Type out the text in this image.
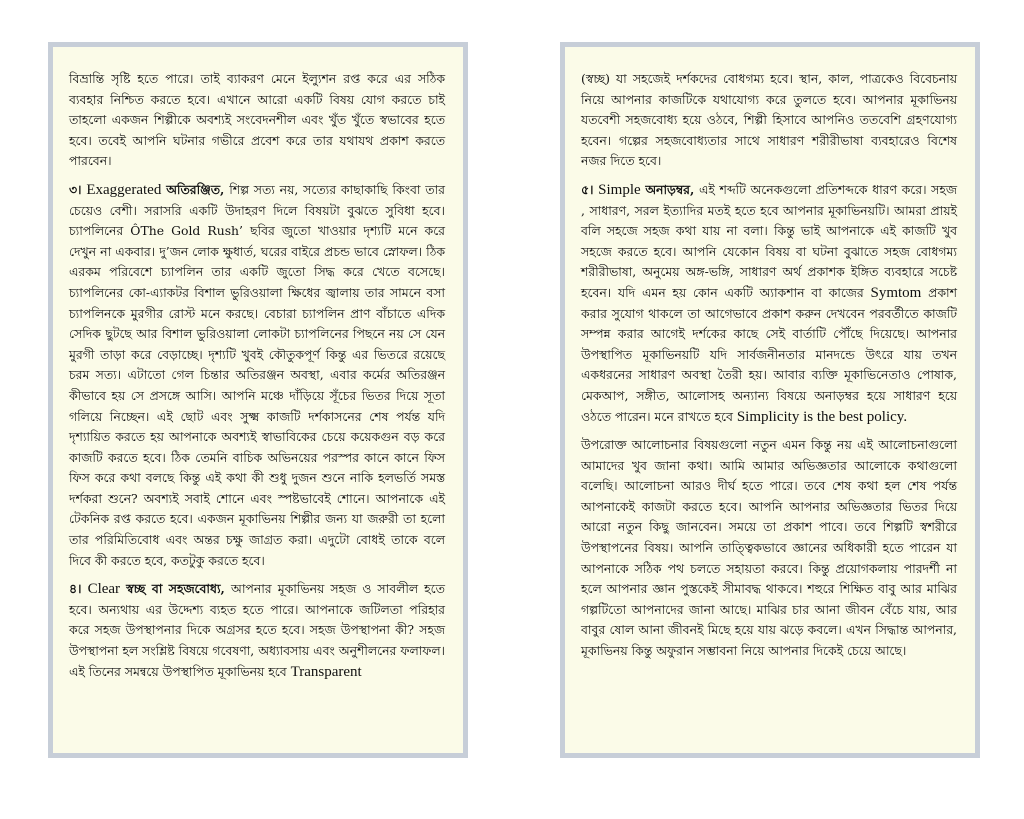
বিভ্রান্তি সৃষ্টি হতে পারে। তাই ব্যাকরণ মেনে ইল্যুশন রপ্ত করে এর সঠিক ব্যবহার নিশ্চিত করতে হবে। এখানে আরো একটি বিষয় যোগ করতে চাই তাহলো একজন শিল্পীকে অবশ্যই সংবেদনশীল এবং খুঁত খুঁতে স্বভাবের হতে হবে। তবেই আপনি ঘটনার গভীরে প্রবেশ করে তার যথাযথ প্রকাশ করতে পারবেন।

৩। Exaggerated অতিরঞ্জিত, শিল্প সত্য নয়, সত্যের কাছাকাছি কিংবা তার চেয়েও বেশী। সরাসরি একটি উদাহরণ দিলে বিষয়টা বুঝতে সুবিধা হবে। চ্যাপলিনের ÔThe Gold Rush’ ছবির জুতো খাওয়ার দৃশ্যটি মনে করে দেখুন না একবার। দু’জন লোক ক্ষুধার্ত, ঘরের বাইরে প্রচন্ড ভাবে স্নোফল। ঠিক এরকম পরিবেশে চ্যাপলিন তার একটি জুতো সিদ্ধ করে খেতে বসেছে। চ্যাপলিনের কো-এ্যাকটর বিশাল ভুরিওয়ালা ক্ষিধের জ্বালায় তার সামনে বসা চ্যাপলিনকে মুরগীর রোস্ট মনে করছে। বেচারা চ্যাপলিন প্রাণ বাঁচাতে এদিক সেদিক ছুটছে আর বিশাল ভুরিওয়ালা লোকটা চ্যাপলিনের পিছনে নয় সে যেন মুরগী তাড়া করে বেড়াচ্ছে। দৃশ্যটি খুবই কৌতুকপূর্ণ কিন্তু এর ভিতরে রয়েছে চরম সত্য। এটাতো গেল চিন্তার অতিরঞ্জন অবস্থা, এবার কর্মের অতিরঞ্জন কীভাবে হয় সে প্রসঙ্গে আসি। আপনি মঞ্চে দাঁড়িয়ে সূঁচের ভিতর দিয়ে সূতা গলিয়ে নিচ্ছেন। এই ছোট এবং সুক্ষ্ম কাজটি দর্শকাসনের শেষ পর্যন্ত যদি দৃশ্যায়িত করতে হয় আপনাকে অবশ্যই স্বাভাবিকের চেয়ে কয়েকগুন বড় করে কাজটি করতে হবে। ঠিক তেমনি বাচিক অভিনয়ের পরস্পর কানে কানে ফিস ফিস করে কথা বলছে কিন্তু এই কথা কী শুধু দুজন শুনে নাকি হলভর্তি সমস্ত দর্শকরা শুনে? অবশ্যই সবাই শোনে এবং স্পষ্টভাবেই শোনে। আপনাকে এই টেকনিক রপ্ত করতে হবে। একজন মূকাভিনয় শিল্পীর জন্য যা জরুরী তা হলো তার পরিমিতিবোধ এবং অন্তর চক্ষু জাগ্রত করা। এদুটো বোধই তাকে বলে দিবে কী করতে হবে, কতটুকু করতে হবে।

৪। Clear স্বচ্ছ বা সহজবোধ্য, আপনার মূকাভিনয় সহজ ও সাবলীল হতে হবে। অন্যথায় এর উদ্দেশ্য ব্যহত হতে পারে। আপনাকে জটিলতা পরিহার করে সহজ উপস্থাপনার দিকে অগ্রসর হতে হবে। সহজ উপস্থাপনা কী? সহজ উপস্থাপনা হল সংশ্লিষ্ট বিষয়ে গবেষণা, অধ্যাবসায় এবং অনুশীলনের ফলাফল। এই তিনের সমন্বয়ে উপস্থাপিত মূকাভিনয় হবে Transparent

(স্বচ্ছ) যা সহজেই দর্শকদের বোধগম্য হবে। স্থান, কাল, পাত্রকেও বিবেচনায় নিয়ে আপনার কাজটিকে যথাযোগ্য করে তুলতে হবে। আপনার মূকাভিনয় যতবেশী সহজবোধ্য হয়ে ওঠবে, শিল্পী হিসাবে আপনিও ততবেশি গ্রহণযোগ্য হবেন। গল্পের সহজবোধ্যতার সাথে সাধারণ শরীরীভাষা ব্যবহারেও বিশেষ নজর দিতে হবে।

৫। Simple অনাড়ম্বর, এই শব্দটি অনেকগুলো প্রতিশব্দকে ধারণ করে। সহজ , সাধারণ, সরল ইত্যাদির মতই হতে হবে আপনার মূকাভিনয়টি। আমরা প্রায়ই বলি সহজে সহজ কথা যায় না বলা। কিন্তু ভাই আপনাকে এই কাজটি খুব সহজে করতে হবে। আপনি যেকোন বিষয় বা ঘটনা বুঝাতে সহজ বোধগম্য শরীরীভাষা, অনুমেয় অঙ্গ-ভঙ্গি, সাধারণ অর্থ প্রকাশক ইঙ্গিত ব্যবহারে সচেষ্ট হবেন। যদি এমন হয় কোন একটি অ্যাকশান বা কাজের Symtom প্রকাশ করার সুযোগ থাকলে তা আগেভাবে প্রকাশ করুন দেখবেন পরবর্তীতে কাজটি সম্পন্ন করার আগেই দর্শকের কাছে সেই বার্তাটি পৌঁছে দিয়েছে। আপনার উপস্থাপিত মূকাভিনয়টি যদি সার্বজনীনতার মানদন্ডে উৎরে যায় তখন একধরনের সাধারণ অবস্থা তৈরী হয়। আবার ব্যক্তি মূকাভিনেতাও পোষাক, মেকআপ, সঙ্গীত, আলোসহ অন্যান্য বিষয়ে অনাড়ম্বর হয়ে সাধারণ হয়ে ওঠতে পারেন। মনে রাখতে হবে Simplicity is the best policy.

উপরোক্ত আলোচনার বিষয়গুলো নতুন এমন কিন্তু নয় এই আলোচনাগুলো আমাদের খুব জানা কথা। আমি আমার অভিজ্ঞতার আলোকে কথাগুলো বলেছি। আলোচনা আরও দীর্ঘ হতে পারে। তবে শেষ কথা হল শেষ পর্যন্ত আপনাকেই কাজটা করতে হবে। আপনি আপনার অভিজ্ঞতার ভিতর দিয়ে আরো নতুন কিছু জানবেন। সময়ে তা প্রকাশ পাবে। তবে শিল্পটি স্বশরীরে উপস্থাপনের বিষয়। আপনি তাত্ত্বিকভাবে জ্ঞানের অধিকারী হতে পারেন যা আপনাকে সঠিক পথ চলতে সহায়তা করবে। কিন্তু প্রয়োগকলায় পারদর্শী না হলে আপনার জ্ঞান পুস্তকেই সীমাবদ্ধ থাকবে। শহুরে শিক্ষিত বাবু আর মাঝির গল্পটিতো আপনাদের জানা আছে। মাঝির চার আনা জীবন বেঁচে যায়, আর বাবুর ষোল আনা জীবনই মিছে হয়ে যায় ঝড়ে কবলে। এখন সিদ্ধান্ত আপনার, মূকাভিনয় কিন্তু অফুরান সম্ভাবনা নিয়ে আপনার দিকেই চেয়ে আছে।
